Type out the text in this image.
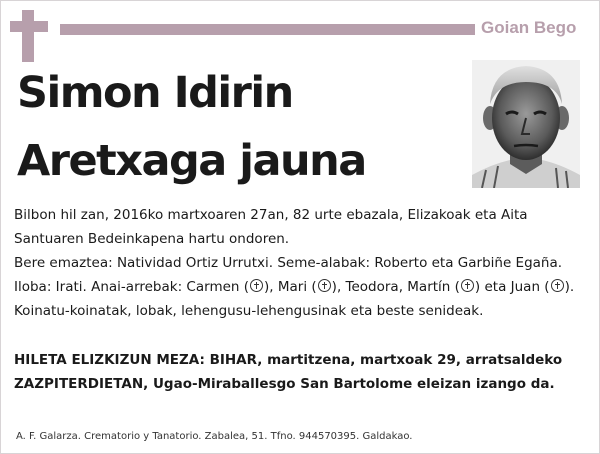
Goian Bego
Simon Idirin
Aretxaga jauna
Bilbon hil zan, 2016ko martxoaren 27an, 82 urte ebazala, Elizakoak eta Aita Santuaren Bedeinkapena hartu ondoren.
Bere emaztea: Natividad Ortiz Urrutxi. Seme-alabak: Roberto eta Garbiñe Egaña. Iloba: Irati. Anai-arrebak: Carmen ( ), Mari ( ), Teodora, Martín ( ) eta Juan ( ). Koinatu-koinatak, lobak, lehengusu-lehengusinak eta beste senideak.
HILETA ELIZKIZUN MEZA: BIHAR, martitzena, martxoak 29, arratsaldeko ZAZPITERDIETAN, Ugao-Miraballesgo San Bartolome eleizan izango da.
A. F. Galarza. Crematorio y Tanatorio. Zabalea, 51. Tfno. 944570395. Galdakao.
